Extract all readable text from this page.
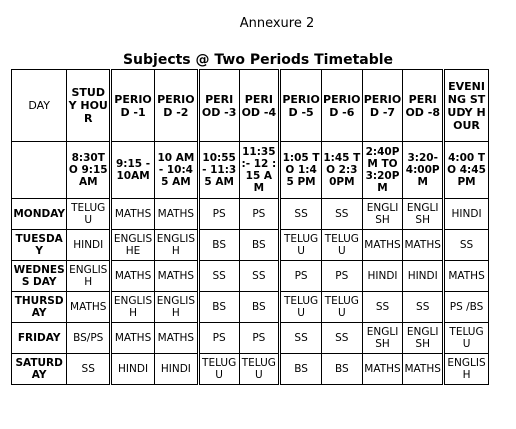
Annexure 2
Subjects @ Two Periods Timetable
DAY	STUDY HOUR	PERIOD -1	PERIOD -2	PERIOD -3	PERIOD -4	PERIOD -5	PERIOD -6	PERIOD -7	PERIOD -8	EVENING STUDY HOUR
	8:30TO 9:15 AM	9:15 - 10AM	10 AM- 10:45 AM	10:55 - 11:35 AM	11:35 :- 12 : 15 AM	1:05 TO 1:45 PM	1:45 TO 2:30PM	2:40PM TO 3:20PM	3:20- 4:00PM	4:00 TO 4:45 PM
MONDAY	TELUGU	MATHS	MATHS	PS	PS	SS	SS	ENGLISH	ENGLISH	HINDI
TUESDAY	HINDI	ENGLISHE	ENGLISH	BS	BS	TELUGU	TELUGU	MATHS	MATHS	SS
WEDNESS DAY	ENGLISH	MATHS	MATHS	SS	SS	PS	PS	HINDI	HINDI	MATHS
THURSDAY	MATHS	ENGLISH	ENGLISH	BS	BS	TELUGU	TELUGU	SS	SS	PS /BS
FRIDAY	BS/PS	MATHS	MATHS	PS	PS	SS	SS	ENGLISH	ENGLISH	TELUGU
SATURDAY	SS	HINDI	HINDI	TELUGU	TELUGU	BS	BS	MATHS	MATHS	ENGLISH
